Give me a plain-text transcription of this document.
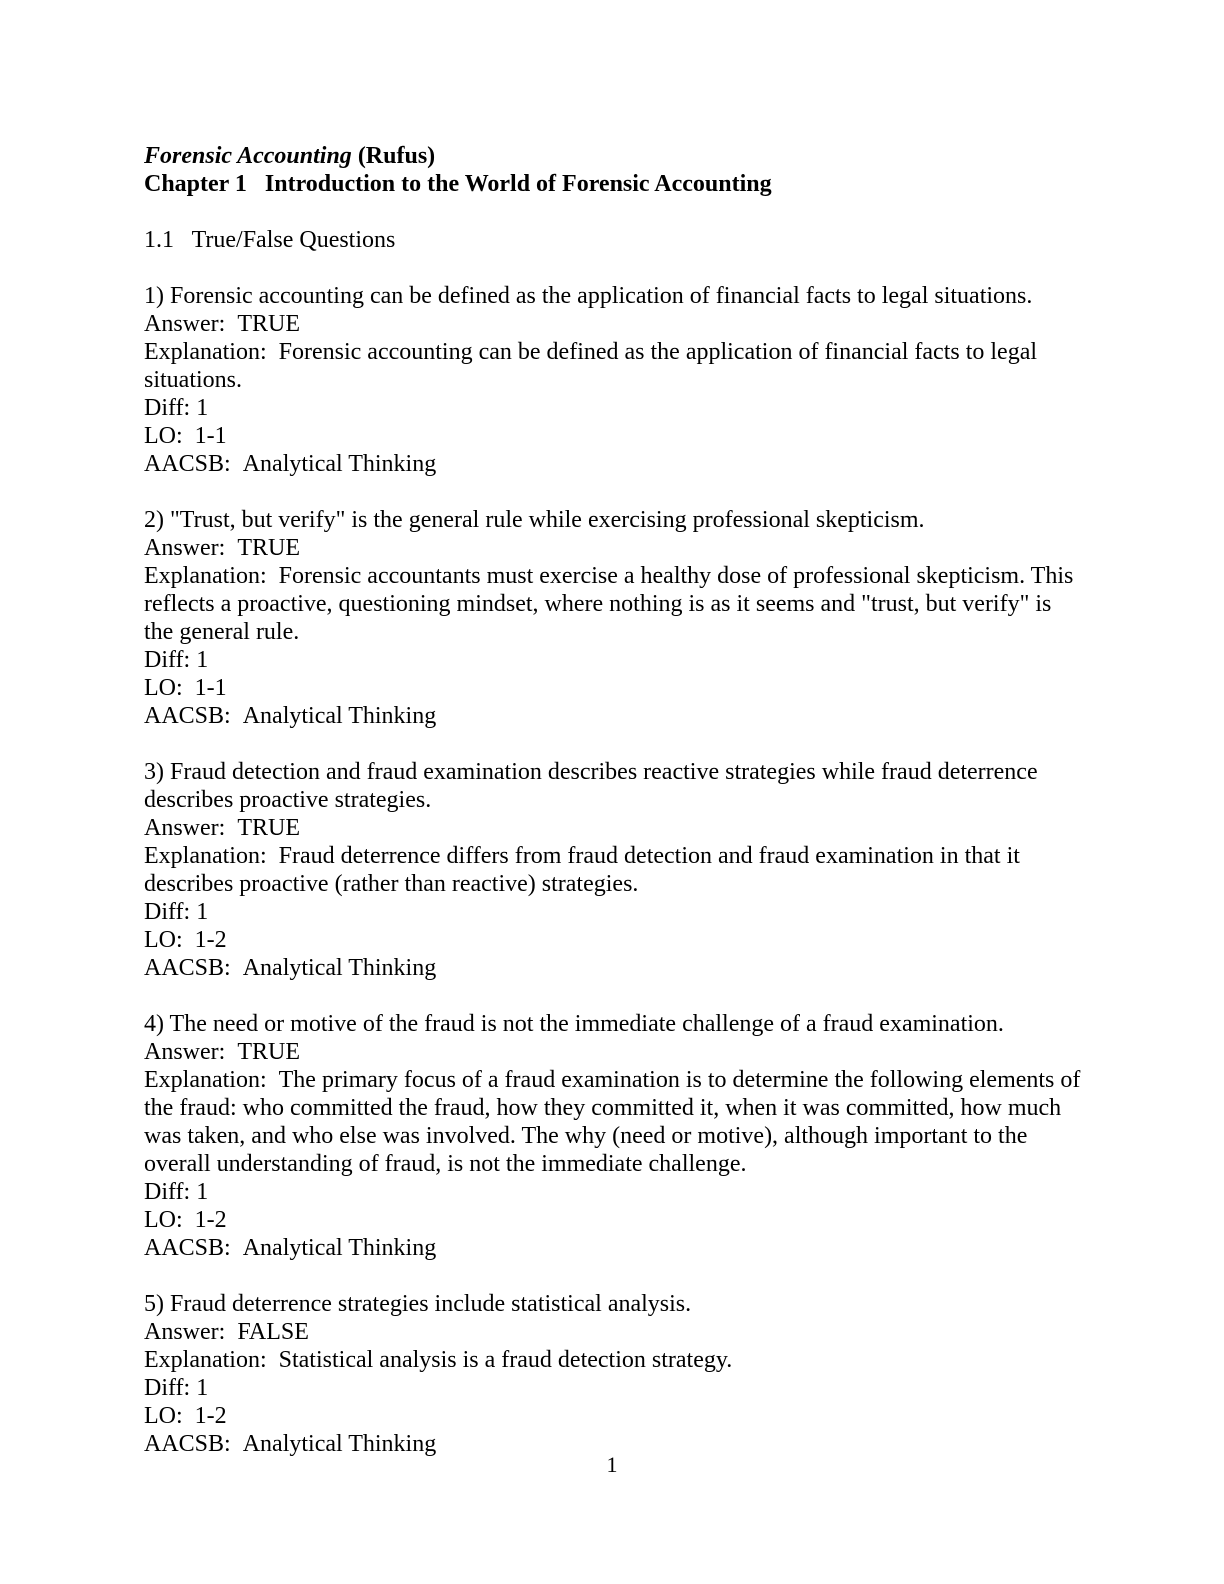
Forensic Accounting (Rufus)

Chapter 1   Introduction to the World of Forensic Accounting

1.1   True/False Questions

1) Forensic accounting can be defined as the application of financial facts to legal situations.

Answer: TRUE

Explanation: Forensic accounting can be defined as the application of financial facts to legal situations.

Diff: 1

LO: 1-1

AACSB: Analytical Thinking

2) "Trust, but verify" is the general rule while exercising professional skepticism.

Answer: TRUE

Explanation: Forensic accountants must exercise a healthy dose of professional skepticism. This reflects a proactive, questioning mindset, where nothing is as it seems and "trust, but verify" is the general rule.

Diff: 1

LO: 1-1

AACSB: Analytical Thinking

3) Fraud detection and fraud examination describes reactive strategies while fraud deterrence describes proactive strategies.

Answer: TRUE

Explanation: Fraud deterrence differs from fraud detection and fraud examination in that it describes proactive (rather than reactive) strategies.

Diff: 1

LO: 1-2

AACSB: Analytical Thinking

4) The need or motive of the fraud is not the immediate challenge of a fraud examination.

Answer: TRUE

Explanation: The primary focus of a fraud examination is to determine the following elements of the fraud: who committed the fraud, how they committed it, when it was committed, how much was taken, and who else was involved. The why (need or motive), although important to the overall understanding of fraud, is not the immediate challenge.

Diff: 1

LO: 1-2

AACSB: Analytical Thinking

5) Fraud deterrence strategies include statistical analysis.

Answer: FALSE

Explanation: Statistical analysis is a fraud detection strategy.

Diff: 1

LO: 1-2

AACSB: Analytical Thinking

1
